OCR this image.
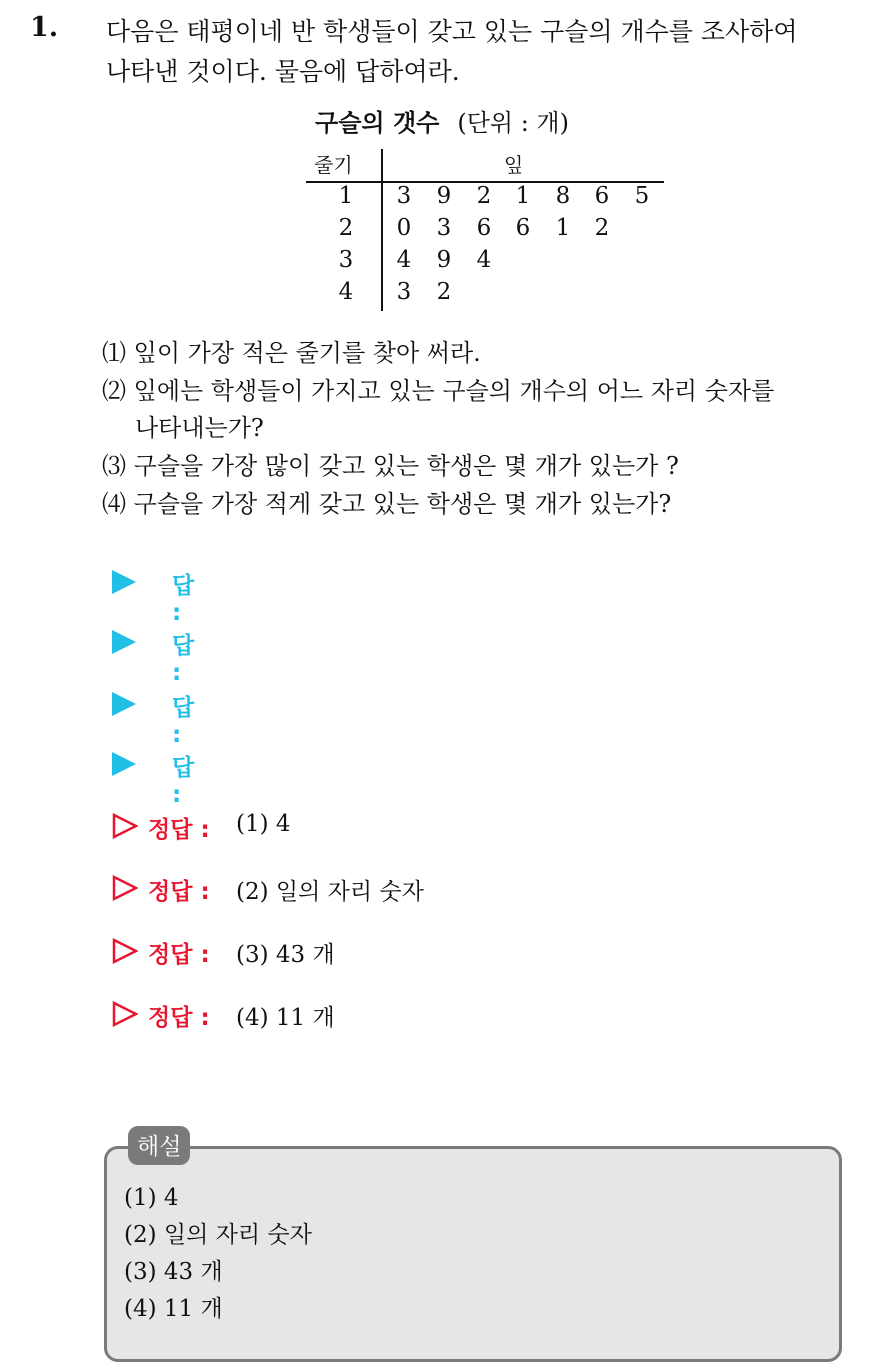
1. 다음은 태평이네 반 학생들이 갖고 있는 구슬의 개수를 조사하여
나타낸 것이다. 물음에 답하여라.
구슬의 갯수 (단위 : 개)
줄기	잎
1 3 9 2 1 8 6 5
2 0 3 6 6 1 2
3 4 9 4
4 3 2
⑴ 잎이 가장 적은 줄기를 찾아 써라.
⑵ 잎에는 학생들이 가지고 있는 구슬의 개수의 어느 자리 숫자를
나타내는가?
⑶ 구슬을 가장 많이 갖고 있는 학생은 몇 개가 있는가 ?
⑷ 구슬을 가장 적게 갖고 있는 학생은 몇 개가 있는가?
답 :
답 :
답 :
답 :
정답 : (1) 4
정답 : (2) 일의 자리 숫자
정답 : (3) 43 개
정답 : (4) 11 개
해설
(1) 4
(2) 일의 자리 숫자
(3) 43 개
(4) 11 개
